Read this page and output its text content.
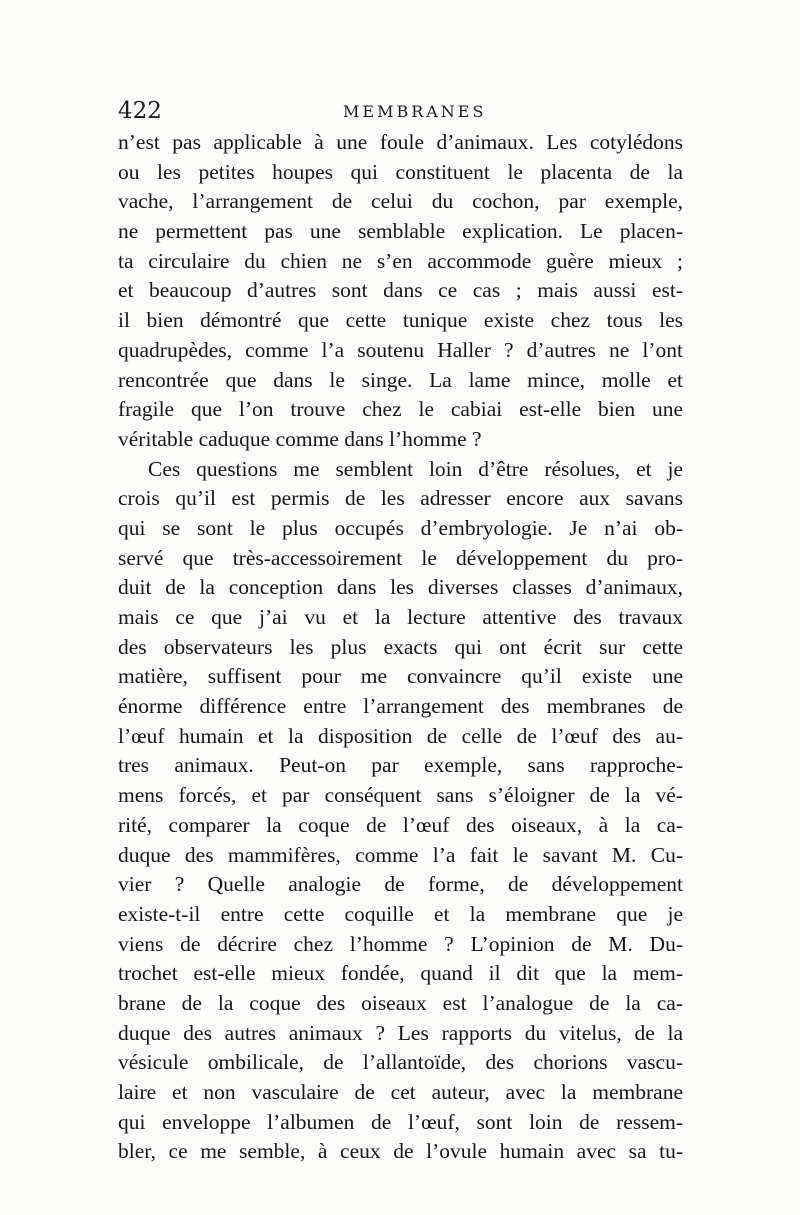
422	MEMBRANES
n’est pas applicable à une foule d’animaux. Les cotylédons
ou les petites houpes qui constituent le placenta de la
vache, l’arrangement de celui du cochon, par exemple,
ne permettent pas une semblable explication. Le placen-
ta circulaire du chien ne s’en accommode guère mieux ;
et beaucoup d’autres sont dans ce cas ; mais aussi est-
il bien démontré que cette tunique existe chez tous les
quadrupèdes, comme l’a soutenu Haller ? d’autres ne l’ont
rencontrée que dans le singe. La lame mince, molle et
fragile que l’on trouve chez le cabiai est-elle bien une
véritable caduque comme dans l’homme ?
Ces questions me semblent loin d’être résolues, et je
crois qu’il est permis de les adresser encore aux savans
qui se sont le plus occupés d’embryologie. Je n’ai ob-
servé que très-accessoirement le développement du pro-
duit de la conception dans les diverses classes d’animaux,
mais ce que j’ai vu et la lecture attentive des travaux
des observateurs les plus exacts qui ont écrit sur cette
matière, suffisent pour me convaincre qu’il existe une
énorme différence entre l’arrangement des membranes de
l’œuf humain et la disposition de celle de l’œuf des au-
tres animaux. Peut-on par exemple, sans rapproche-
mens forcés, et par conséquent sans s’éloigner de la vé-
rité, comparer la coque de l’œuf des oiseaux, à la ca-
duque des mammifères, comme l’a fait le savant M. Cu-
vier ? Quelle analogie de forme, de développement
existe-t-il entre cette coquille et la membrane que je
viens de décrire chez l’homme ? L’opinion de M. Du-
trochet est-elle mieux fondée, quand il dit que la mem-
brane de la coque des oiseaux est l’analogue de la ca-
duque des autres animaux ? Les rapports du vitelus, de la
vésicule ombilicale, de l’allantoïde, des chorions vascu-
laire et non vasculaire de cet auteur, avec la membrane
qui enveloppe l’albumen de l’œuf, sont loin de ressem-
bler, ce me semble, à ceux de l’ovule humain avec sa tu-
